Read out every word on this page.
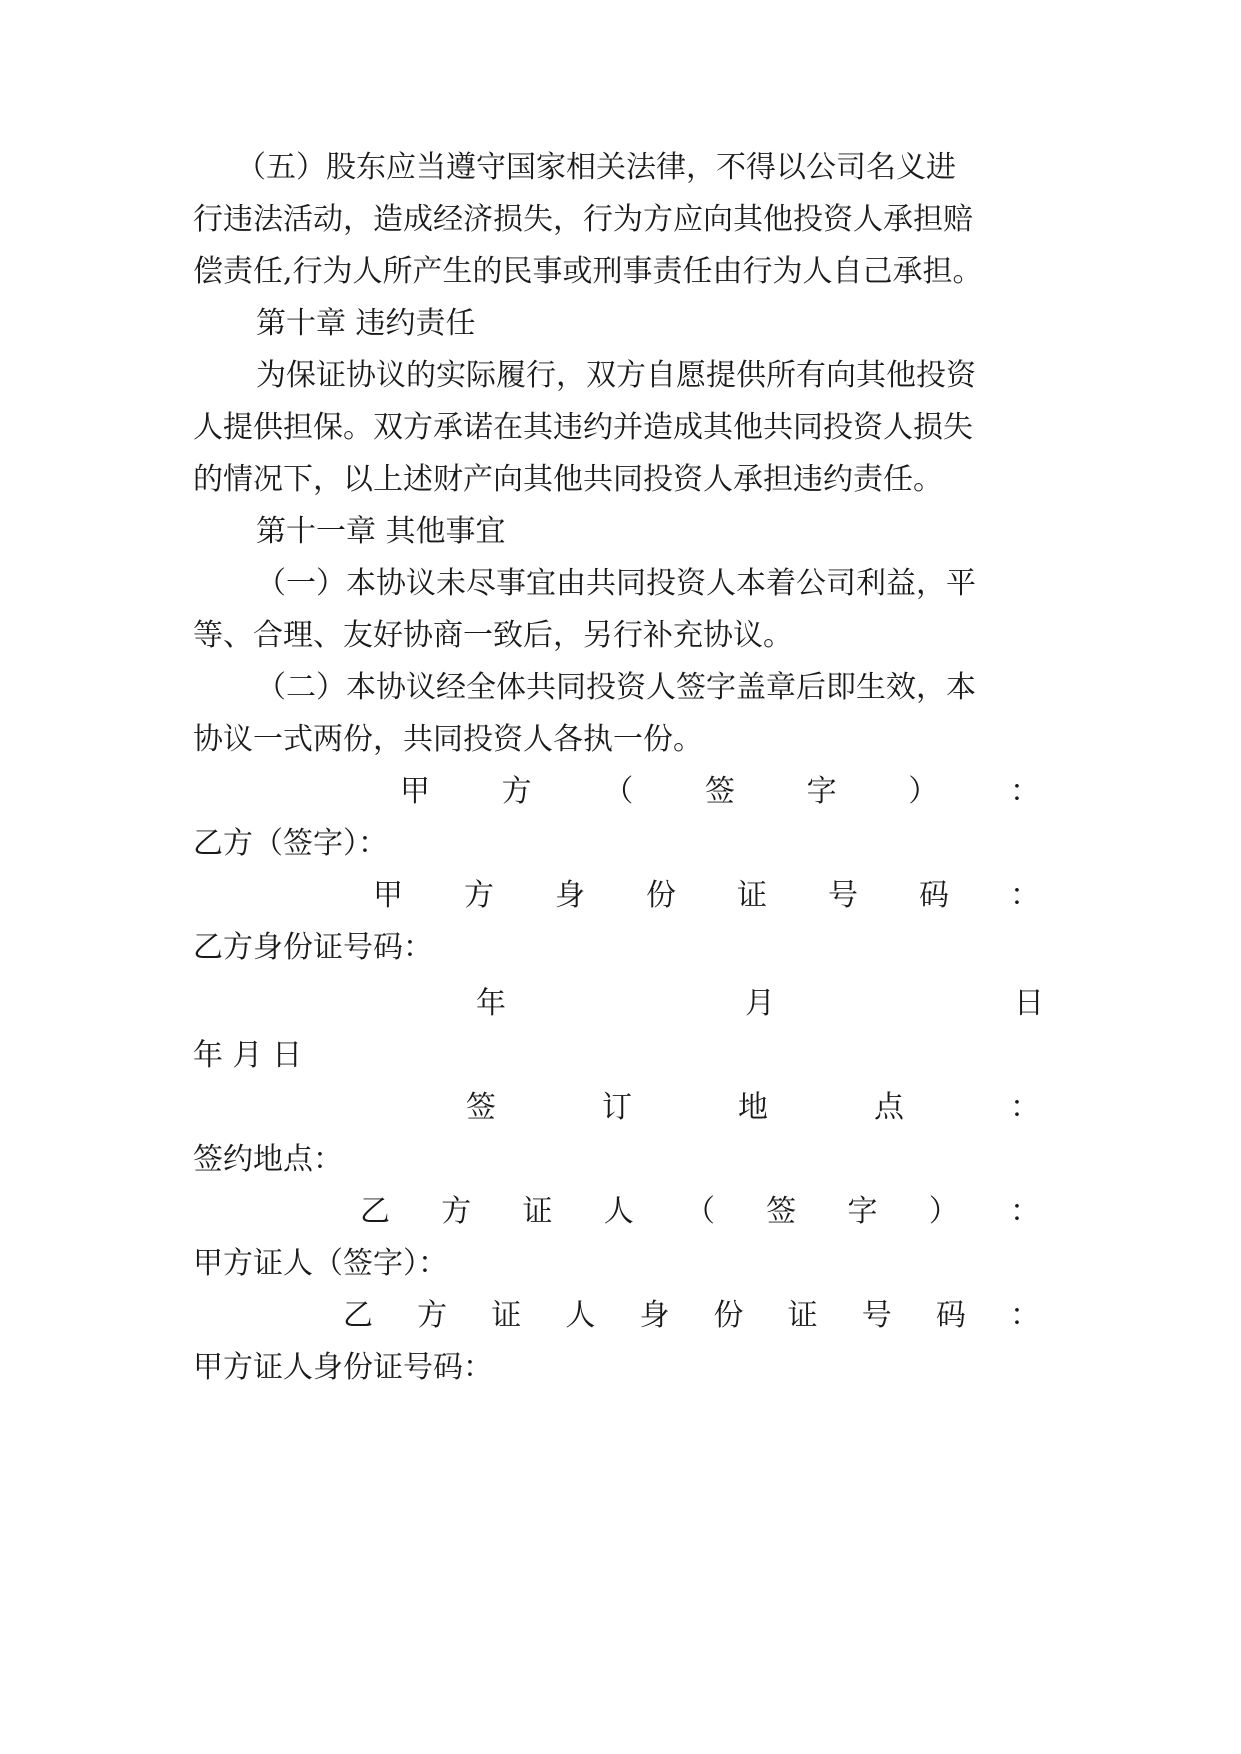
（五）股东应当遵守国家相关法律，不得以公司名义进
行违法活动，造成经济损失，行为方应向其他投资人承担赔
偿责任,行为人所产生的民事或刑事责任由行为人自己承担。
第十章 违约责任
为保证协议的实际履行，双方自愿提供所有向其他投资
人提供担保。双方承诺在其违约并造成其他共同投资人损失
的情况下，以上述财产向其他共同投资人承担违约责任。
第十一章 其他事宜
（一）本协议未尽事宜由共同投资人本着公司利益，平
等、合理、友好协商一致后，另行补充协议。
（二）本协议经全体共同投资人签字盖章后即生效，本
协议一式两份，共同投资人各执一份。
甲 方 （ 签 字 ） ：
乙方（签字）：
甲 方 身 份 证 号 码 ：
乙方身份证号码：
年	月	日
年 月 日
签	订	地	点	：
签约地点：
乙 方 证 人 （ 签 字 ） ：
甲方证人（签字）：
乙 方 证 人 身 份 证 号 码 ：
甲方证人身份证号码：
